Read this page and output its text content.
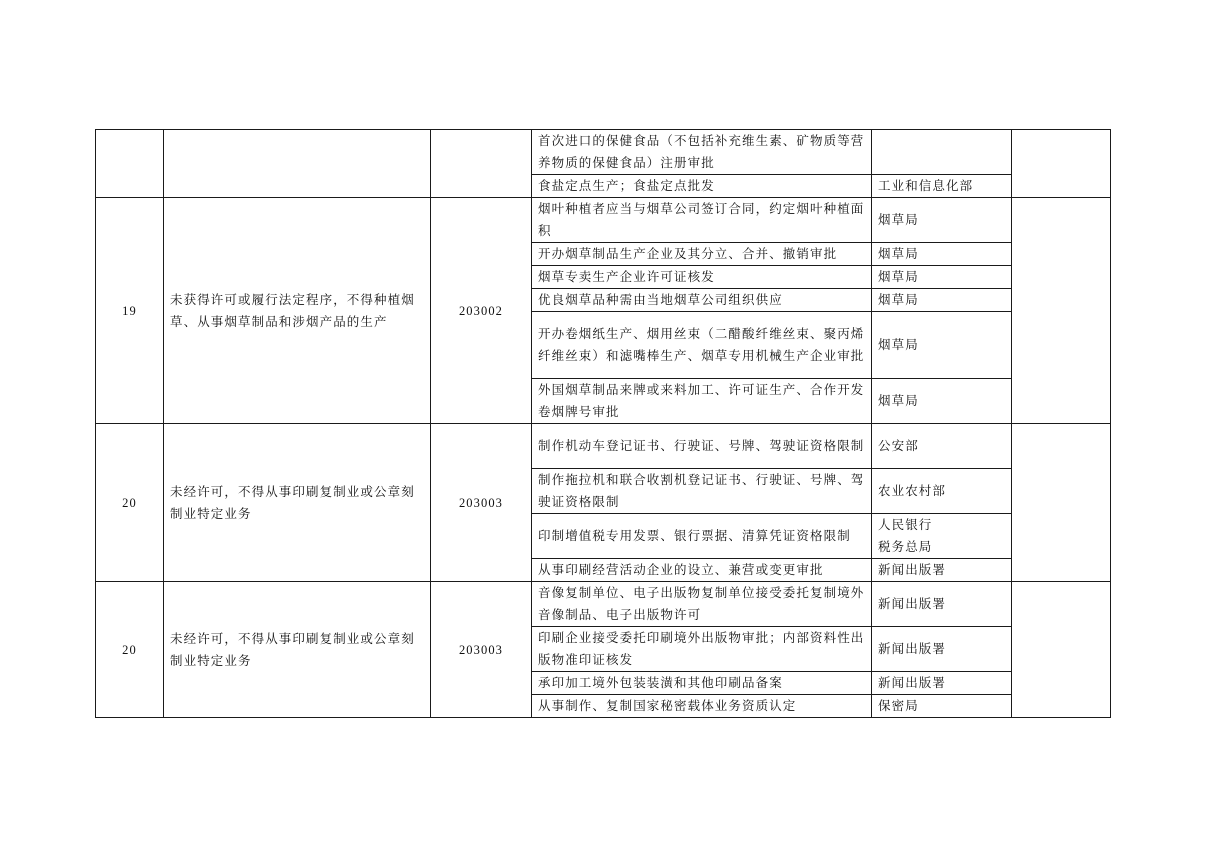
			首次进口的保健食品（不包括补充维生素、矿物质等营养物质的保健食品）注册审批		
			食盐定点生产；食盐定点批发	工业和信息化部	
19	未获得许可或履行法定程序，不得种植烟草、从事烟草制品和涉烟产品的生产	203002	烟叶种植者应当与烟草公司签订合同，约定烟叶种植面积	烟草局	
			开办烟草制品生产企业及其分立、合并、撤销审批	烟草局	
			烟草专卖生产企业许可证核发	烟草局	
			优良烟草品种需由当地烟草公司组织供应	烟草局	
			开办卷烟纸生产、烟用丝束（二醋酸纤维丝束、聚丙烯纤维丝束）和滤嘴棒生产、烟草专用机械生产企业审批	烟草局	
			外国烟草制品来牌或来料加工、许可证生产、合作开发卷烟牌号审批	烟草局	
20	未经许可，不得从事印刷复制业或公章刻制业特定业务	203003	制作机动车登记证书、行驶证、号牌、驾驶证资格限制	公安部	
			制作拖拉机和联合收割机登记证书、行驶证、号牌、驾驶证资格限制	农业农村部	
			印制增值税专用发票、银行票据、清算凭证资格限制	人民银行
税务总局	
			从事印刷经营活动企业的设立、兼营或变更审批	新闻出版署	
20	未经许可，不得从事印刷复制业或公章刻制业特定业务	203003	音像复制单位、电子出版物复制单位接受委托复制境外音像制品、电子出版物许可	新闻出版署	
			印刷企业接受委托印刷境外出版物审批；内部资料性出版物准印证核发	新闻出版署	
			承印加工境外包装装潢和其他印刷品备案	新闻出版署	
			从事制作、复制国家秘密载体业务资质认定	保密局	
